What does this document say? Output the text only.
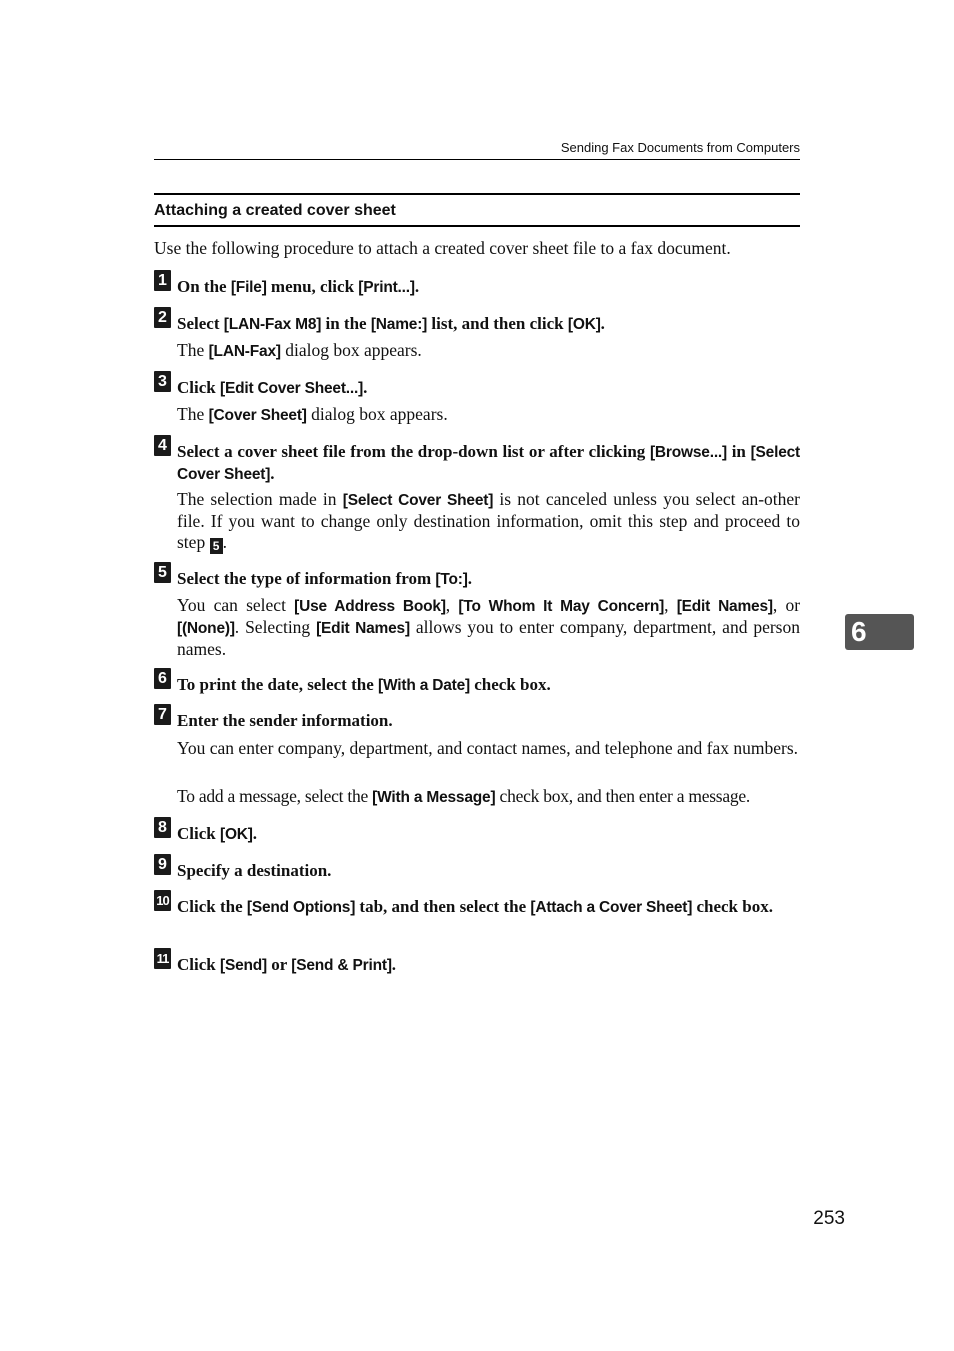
Sending Fax Documents from Computers
Attaching a created cover sheet
Use the following procedure to attach a created cover sheet file to a fax document.
1 On the [File] menu, click [Print...].
2 Select [LAN-Fax M8] in the [Name:] list, and then click [OK].
The [LAN-Fax] dialog box appears.
3 Click [Edit Cover Sheet...].
The [Cover Sheet] dialog box appears.
4 Select a cover sheet file from the drop-down list or after clicking [Browse...] in [Select Cover Sheet].
The selection made in [Select Cover Sheet] is not canceled unless you select an-other file. If you want to change only destination information, omit this step and proceed to step 5 .
5 Select the type of information from [To:].
You can select [Use Address Book], [To Whom It May Concern], [Edit Names], or [(None)]. Selecting [Edit Names] allows you to enter company, department, and person names.
6 To print the date, select the [With a Date] check box.
7 Enter the sender information.
You can enter company, department, and contact names, and telephone and fax numbers.
To add a message, select the [With a Message] check box, and then enter a message.
8 Click [OK].
9 Specify a destination.
10 Click the [Send Options] tab, and then select the [Attach a Cover Sheet] check box.
11 Click [Send] or [Send & Print].
6
253
